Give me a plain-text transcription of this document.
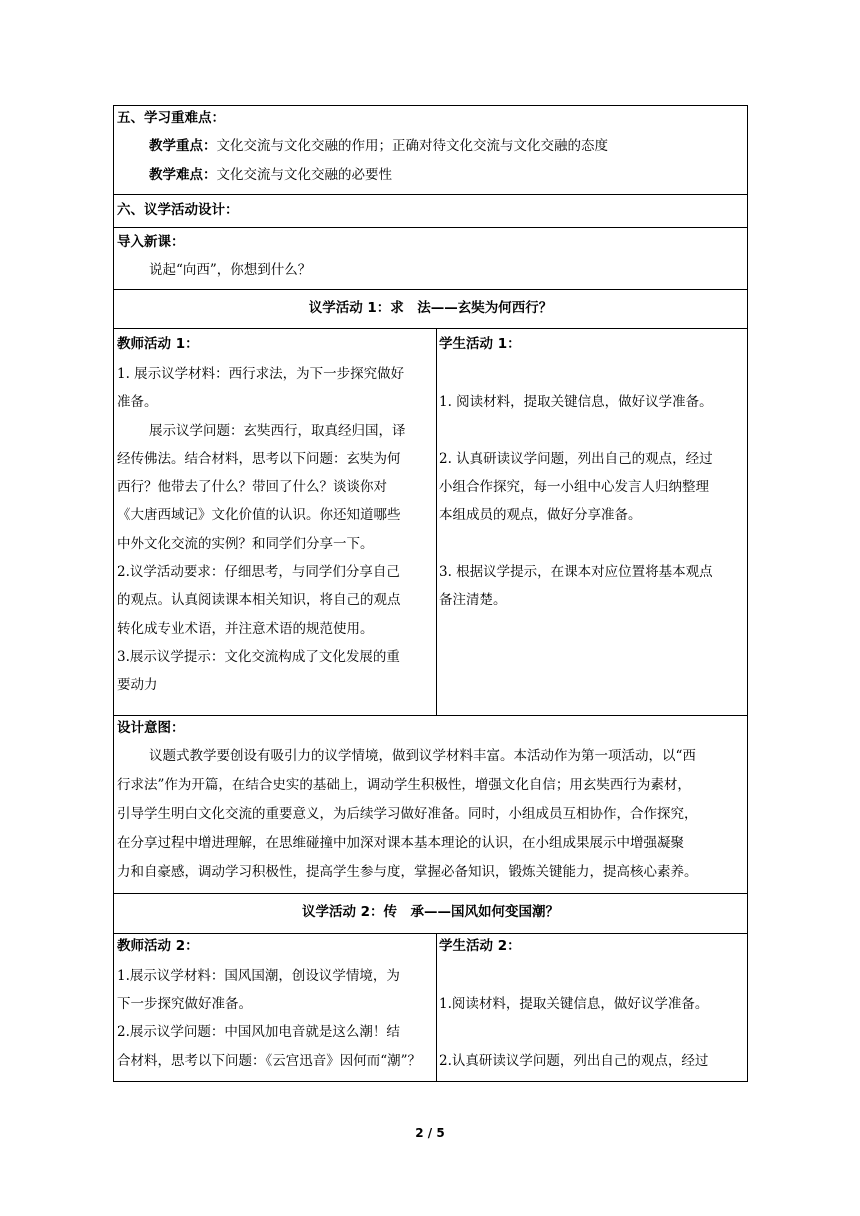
五、学习重难点：
教学重点：文化交流与文化交融的作用；正确对待文化交流与文化交融的态度
教学难点：文化交流与文化交融的必要性
六、议学活动设计：
导入新课：
说起“向西”，你想到什么？
议学活动 1：求　法——玄奘为何西行？
教师活动 1：
1. 展示议学材料：西行求法，为下一步探究做好
准备。
展示议学问题：玄奘西行，取真经归国，译
经传佛法。结合材料，思考以下问题：玄奘为何
西行？他带去了什么？带回了什么？谈谈你对
《大唐西域记》文化价值的认识。你还知道哪些
中外文化交流的实例？和同学们分享一下。
2.议学活动要求：仔细思考，与同学们分享自己
的观点。认真阅读课本相关知识，将自己的观点
转化成专业术语，并注意术语的规范使用。
3.展示议学提示：文化交流构成了文化发展的重
要动力
学生活动 1：
1. 阅读材料，提取关键信息，做好议学准备。
2. 认真研读议学问题，列出自己的观点，经过
小组合作探究，每一小组中心发言人归纳整理
本组成员的观点，做好分享准备。
3. 根据议学提示，在课本对应位置将基本观点
备注清楚。
设计意图：
议题式教学要创设有吸引力的议学情境，做到议学材料丰富。本活动作为第一项活动，以“西
行求法”作为开篇，在结合史实的基础上，调动学生积极性，增强文化自信；用玄奘西行为素材，
引导学生明白文化交流的重要意义，为后续学习做好准备。同时，小组成员互相协作，合作探究，
在分享过程中增进理解，在思维碰撞中加深对课本基本理论的认识，在小组成果展示中增强凝聚
力和自豪感，调动学习积极性，提高学生参与度，掌握必备知识，锻炼关键能力，提高核心素养。
议学活动 2：传　承——国风如何变国潮？
教师活动 2：
1.展示议学材料：国风国潮，创设议学情境，为
下一步探究做好准备。
2.展示议学问题：中国风加电音就是这么潮！结
合材料，思考以下问题：《云宫迅音》因何而“潮”？
学生活动 2：
1.阅读材料，提取关键信息，做好议学准备。
2.认真研读议学问题，列出自己的观点，经过
2 / 5
